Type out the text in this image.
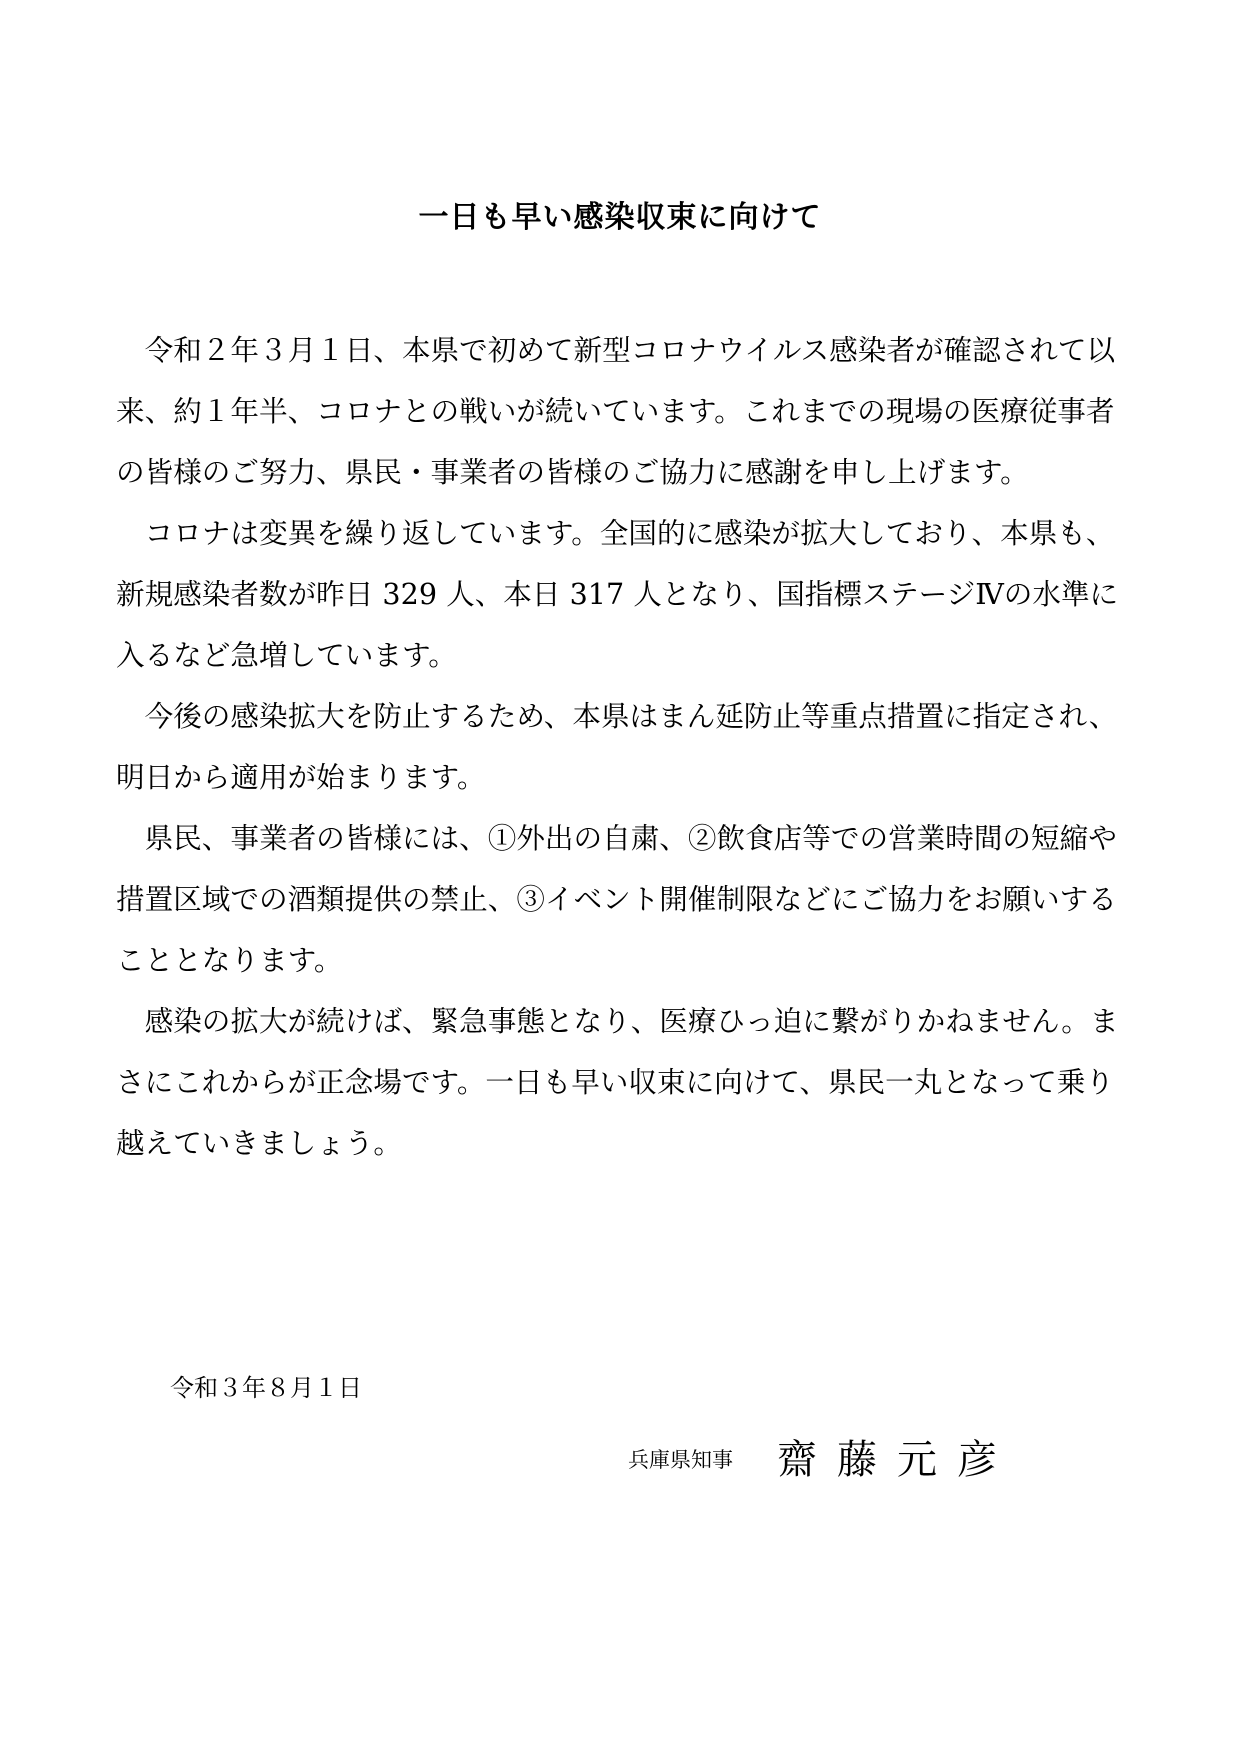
一日も早い感染収束に向けて

令和２年３月１日、本県で初めて新型コロナウイルス感染者が確認されて以来、約１年半、コロナとの戦いが続いています。これまでの現場の医療従事者の皆様のご努力、県民・事業者の皆様のご協力に感謝を申し上げます。

コロナは変異を繰り返しています。全国的に感染が拡大しており、本県も、新規感染者数が昨日 329 人、本日 317 人となり、国指標ステージⅣの水準に入るなど急増しています。

今後の感染拡大を防止するため、本県はまん延防止等重点措置に指定され、明日から適用が始まります。

県民、事業者の皆様には、①外出の自粛、②飲食店等での営業時間の短縮や措置区域での酒類提供の禁止、③イベント開催制限などにご協力をお願いすることとなります。

感染の拡大が続けば、緊急事態となり、医療ひっ迫に繋がりかねません。まさにこれからが正念場です。一日も早い収束に向けて、県民一丸となって乗り越えていきましょう。

令和３年８月１日

兵庫県知事 齋藤元彦
